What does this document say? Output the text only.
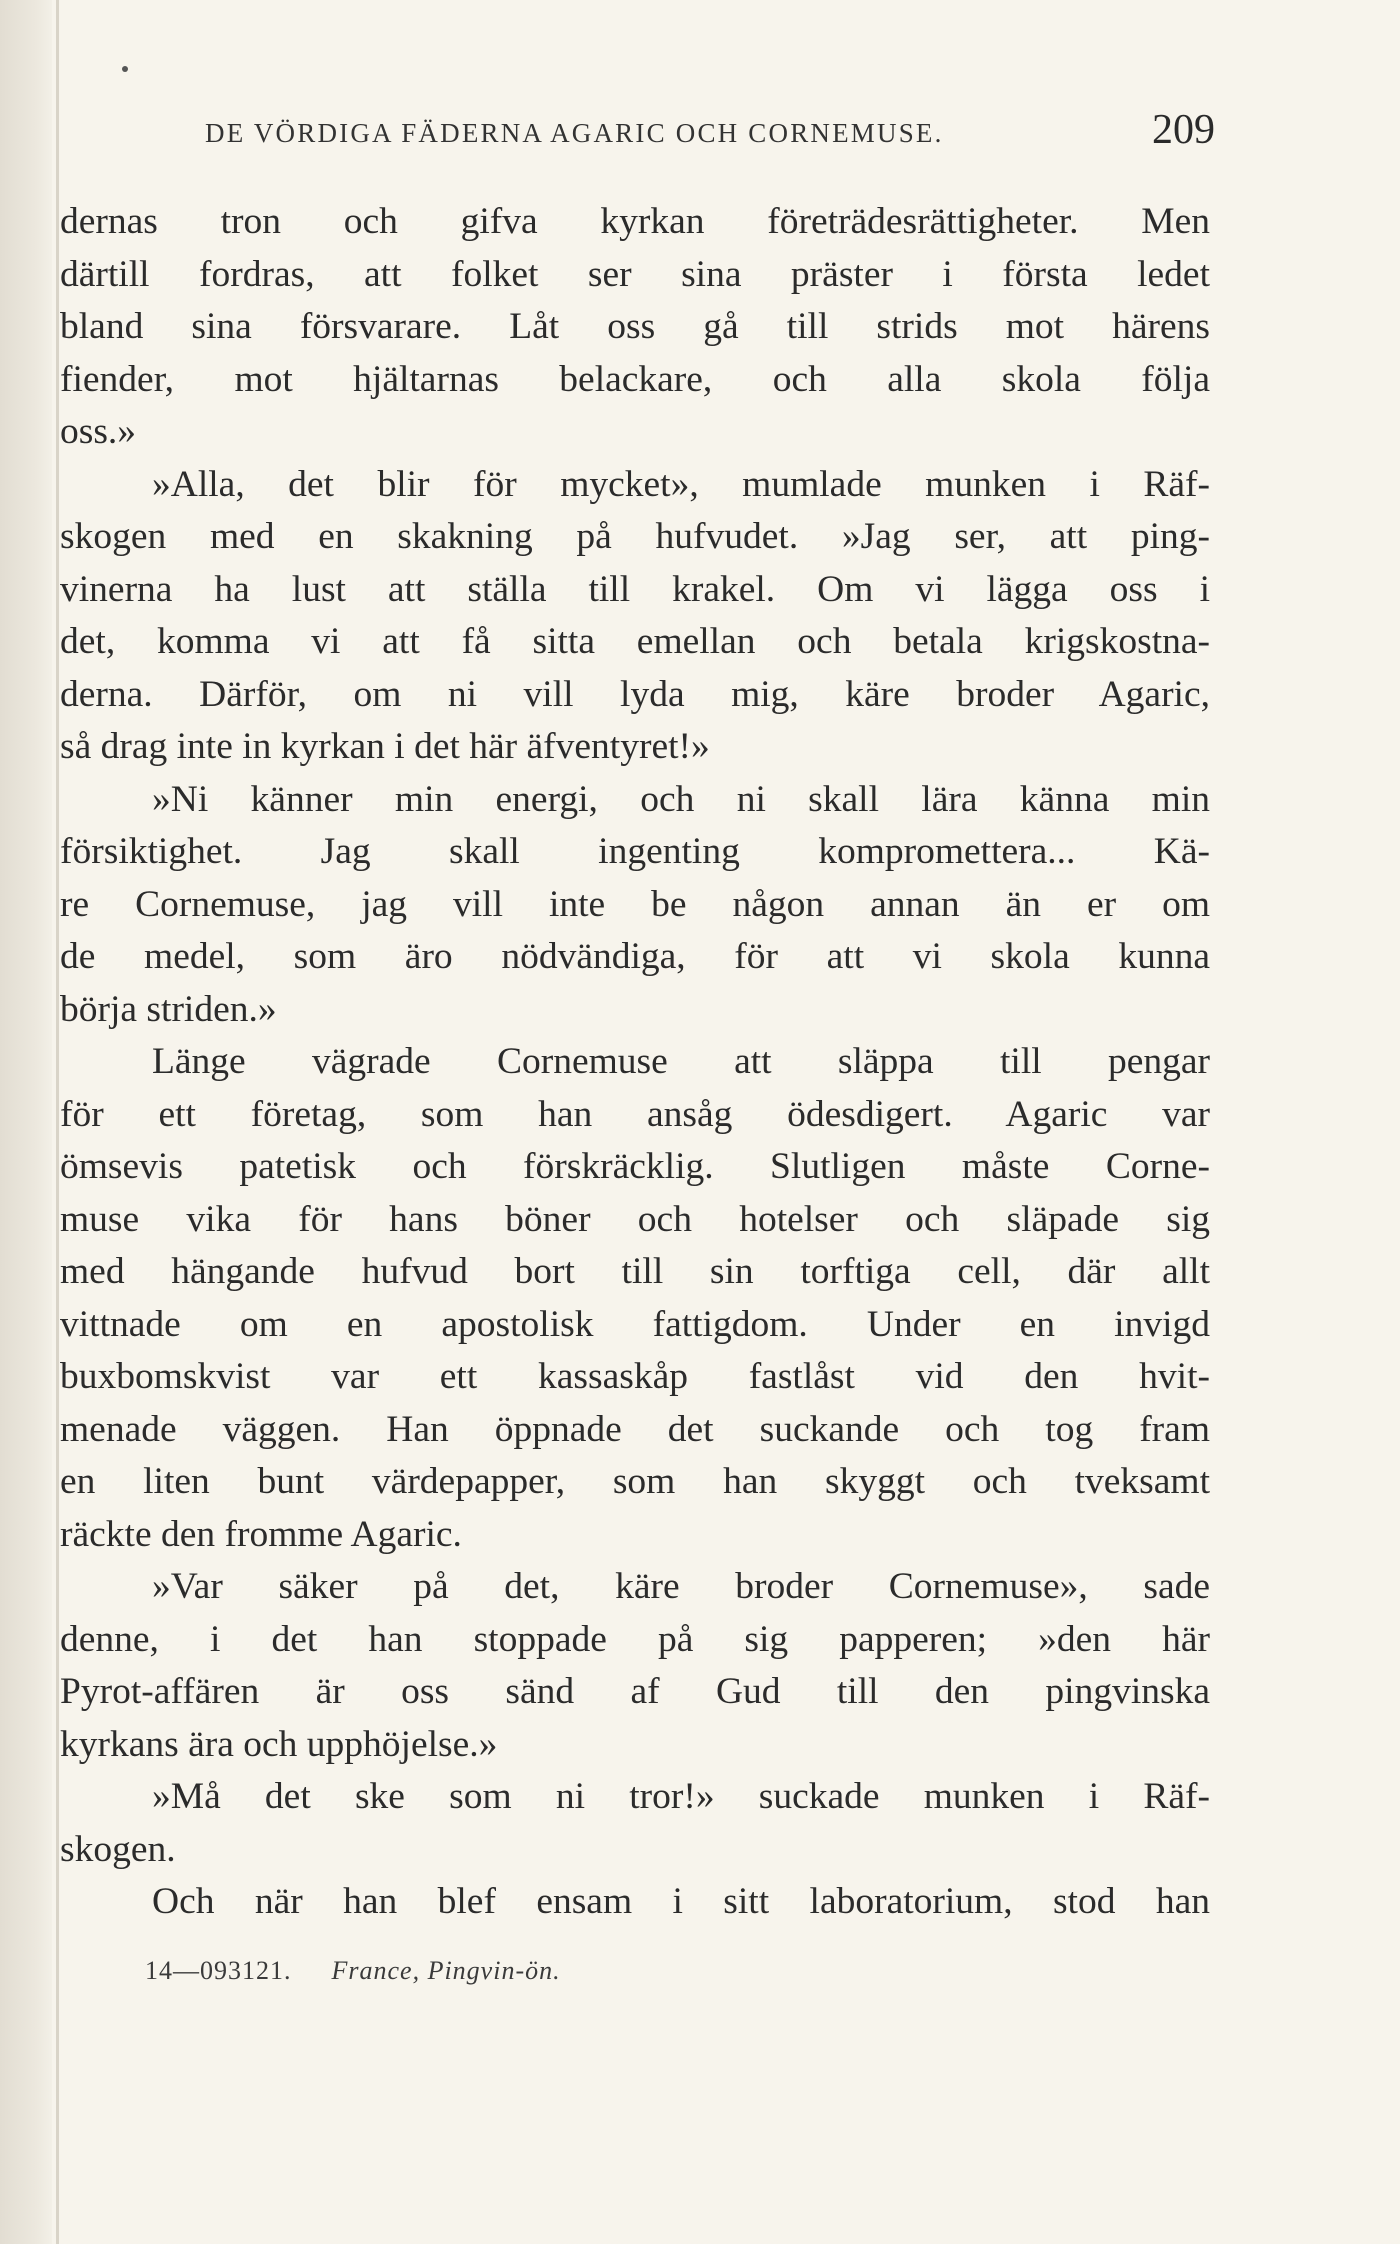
DE VÖRDIGA FÄDERNA AGARIC OCH CORNEMUSE.	209
dernas tron och gifva kyrkan företrädesrättigheter. Men
därtill fordras, att folket ser sina präster i första ledet
bland sina försvarare. Låt oss gå till strids mot härens
fiender, mot hjältarnas belackare, och alla skola följa
oss.»
»Alla, det blir för mycket», mumlade munken i Räf-
skogen med en skakning på hufvudet. »Jag ser, att ping-
vinerna ha lust att ställa till krakel. Om vi lägga oss i
det, komma vi att få sitta emellan och betala krigskostna-
derna. Därför, om ni vill lyda mig, käre broder Agaric,
så drag inte in kyrkan i det här äfventyret!»
»Ni känner min energi, och ni skall lära känna min
försiktighet. Jag skall ingenting komprometterа... Kä-
re Cornemuse, jag vill inte be någon annan än er om
de medel, som äro nödvändiga, för att vi skola kunna
börja striden.»
Länge vägrade Cornemuse att släppa till pengar
för ett företag, som han ansåg ödesdigert. Agaric var
ömsevis patetisk och förskräcklig. Slutligen måste Corne-
muse vika för hans böner och hotelser och släpade sig
med hängande hufvud bort till sin torftiga cell, där allt
vittnade om en apostolisk fattigdom. Under en invigd
buxbomskvist var ett kassaskåp fastlåst vid den hvit-
menade väggen. Han öppnade det suckande och tog fram
en liten bunt värdepapper, som han skyggt och tveksamt
räckte den fromme Agaric.
»Var säker på det, käre broder Cornemuse», sade
denne, i det han stoppade på sig papperen; »den här
Pyrot-affären är oss sänd af Gud till den pingvinska
kyrkans ära och upphöjelse.»
»Må det ske som ni tror!» suckade munken i Räf-
skogen.
Och när han blef ensam i sitt laboratorium, stod han
14—093121. France, Pingvin-ön.
